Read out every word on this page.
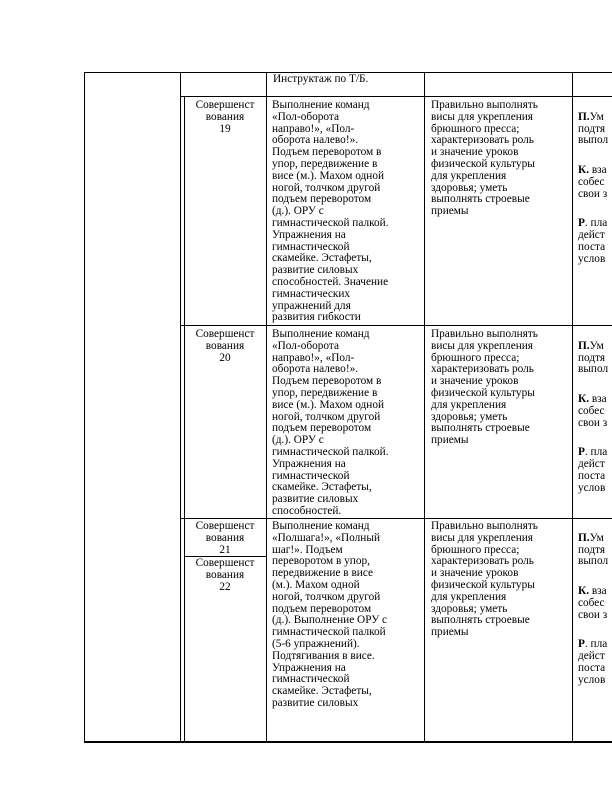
Инструктаж по Т/Б.
Совершенст
вования
19
Выполнение команд
«Пол-оборота
направо!», «Пол-
оборота налево!».
Подъем переворотом в
упор, передвижение в
висе (м.). Махом одной
ногой, толчком другой
подъем переворотом
(д.). ОРУ с
гимнастической палкой.
Упражнения на
гимнастической
скамейке. Эстафеты,
развитие силовых
способностей. Значение
гимнастических
упражнений для
развития гибкости
Правильно выполнять
висы для укрепления
брюшного пресса;
характеризовать роль
и значение уроков
физической культуры
для укрепления
здоровья; уметь
выполнять строевые
приемы

П.Ум
подтя
выпол

К. вза
собес
свои з

Р. пла
дейст
поста
услов

Совершенст
вования
20
Выполнение команд
«Пол-оборота
направо!», «Пол-
оборота налево!».
Подъем переворотом в
упор, передвижение в
висе (м.). Махом одной
ногой, толчком другой
подъем переворотом
(д.). ОРУ с
гимнастической палкой.
Упражнения на
гимнастической
скамейке. Эстафеты,
развитие силовых
способностей.
Правильно выполнять
висы для укрепления
брюшного пресса;
характеризовать роль
и значение уроков
физической культуры
для укрепления
здоровья; уметь
выполнять строевые
приемы

П.Ум
подтя
выпол

К. вза
собес
свои з

Р. пла
дейст
поста
услов

Совершенст
вования
21
Совершенст
вования
22
Выполнение команд
«Полшага!», «Полный
шаг!». Подъем
переворотом в упор,
передвижение в висе
(м.). Махом одной
ногой, толчком другой
подъем переворотом
(д.). Выполнение ОРУ с
гимнастической палкой
(5-6 упражнений).
Подтягивания в висе.
Упражнения на
гимнастической
скамейке. Эстафеты,
развитие силовых
Правильно выполнять
висы для укрепления
брюшного пресса;
характеризовать роль
и значение уроков
физической культуры
для укрепления
здоровья; уметь
выполнять строевые
приемы

П.Ум
подтя
выпол

К. вза
собес
свои з

Р. пла
дейст
поста
услов
